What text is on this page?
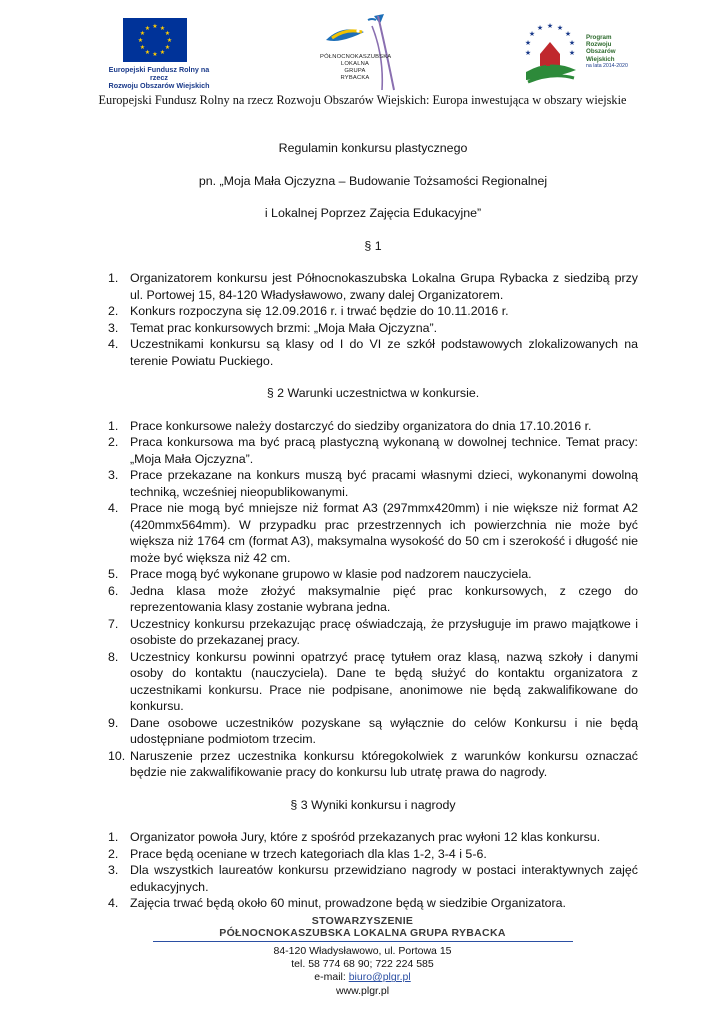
★ ★
★
★
★
★
★
★
★
★
★
★
Europejski Fundusz Rolny na rzecz
Rozwoju Obszarów Wiejskich
PÓŁNOCNOKASZUBSKA
LOKALNA
GRUPA
RYBACKA
★ ★
★
★
★
★
★
★	★
Program
Rozwoju
Obszarów
Wiejskich
na lata 2014-2020
Europejski Fundusz Rolny na rzecz Rozwoju Obszarów Wiejskich: Europa inwestująca w obszary wiejskie

Regulamin konkursu plastycznego

pn. „Moja Mała Ojczyzna – Budowanie Tożsamości Regionalnej

i Lokalnej Poprzez Zajęcia Edukacyjne”

§ 1

1. Organizatorem konkursu jest Północnokaszubska Lokalna Grupa Rybacka z siedzibą przy ul. Portowej 15, 84-120 Władysławowo, zwany dalej Organizatorem.
2. Konkurs rozpoczyna się 12.09.2016 r. i trwać będzie do 10.11.2016 r.
3. Temat prac konkursowych brzmi: „Moja Mała Ojczyzna”.
4. Uczestnikami konkursu są klasy od I do VI ze szkół podstawowych zlokalizowanych na terenie Powiatu Puckiego.

§ 2 Warunki uczestnictwa w konkursie.

1. Prace konkursowe należy dostarczyć do siedziby organizatora do dnia 17.10.2016 r.
2. Praca konkursowa ma być pracą plastyczną wykonaną w dowolnej technice. Temat pracy: „Moja Mała Ojczyzna”.
3. Prace przekazane na konkurs muszą być pracami własnymi dzieci, wykonanymi dowolną techniką, wcześniej nieopublikowanymi.
4. Prace nie mogą być mniejsze niż format A3 (297mmx420mm) i nie większe niż format A2 (420mmx564mm). W przypadku prac przestrzennych ich powierzchnia nie może być większa niż 1764 cm (format A3), maksymalna wysokość do 50 cm i szerokość i długość nie może być większa niż 42 cm.
5. Prace mogą być wykonane grupowo w klasie pod nadzorem nauczyciela.
6. Jedna klasa może złożyć maksymalnie pięć prac konkursowych, z czego do reprezentowania klasy zostanie wybrana jedna.
7. Uczestnicy konkursu przekazując pracę oświadczają, że przysługuje im prawo majątkowe i osobiste do przekazanej pracy.
8. Uczestnicy konkursu powinni opatrzyć pracę tytułem oraz klasą, nazwą szkoły i danymi osoby do kontaktu (nauczyciela). Dane te będą służyć do kontaktu organizatora z uczestnikami konkursu. Prace nie podpisane, anonimowe nie będą zakwalifikowane do konkursu.
9. Dane osobowe uczestników pozyskane są wyłącznie do celów Konkursu i nie będą udostępniane podmiotom trzecim.
10. Naruszenie przez uczestnika konkursu któregokolwiek z warunków konkursu oznaczać będzie nie zakwalifikowanie pracy do konkursu lub utratę prawa do nagrody.

§ 3 Wyniki konkursu i nagrody

1. Organizator powoła Jury, które z spośród przekazanych prac wyłoni 12 klas konkursu.
2. Prace będą oceniane w trzech kategoriach dla klas 1-2, 3-4 i 5-6.
3. Dla wszystkich laureatów konkursu przewidziano nagrody w postaci interaktywnych zajęć edukacyjnych.
4. Zajęcia trwać będą około 60 minut, prowadzone będą w siedzibie Organizatora.
STOWARZYSZENIE
PÓŁNOCNOKASZUBSKA LOKALNA GRUPA RYBACKA
84-120 Władysławowo, ul. Portowa 15
tel. 58 774 68 90; 722 224 585
e-mail: biuro@plgr.pl
www.plgr.pl
